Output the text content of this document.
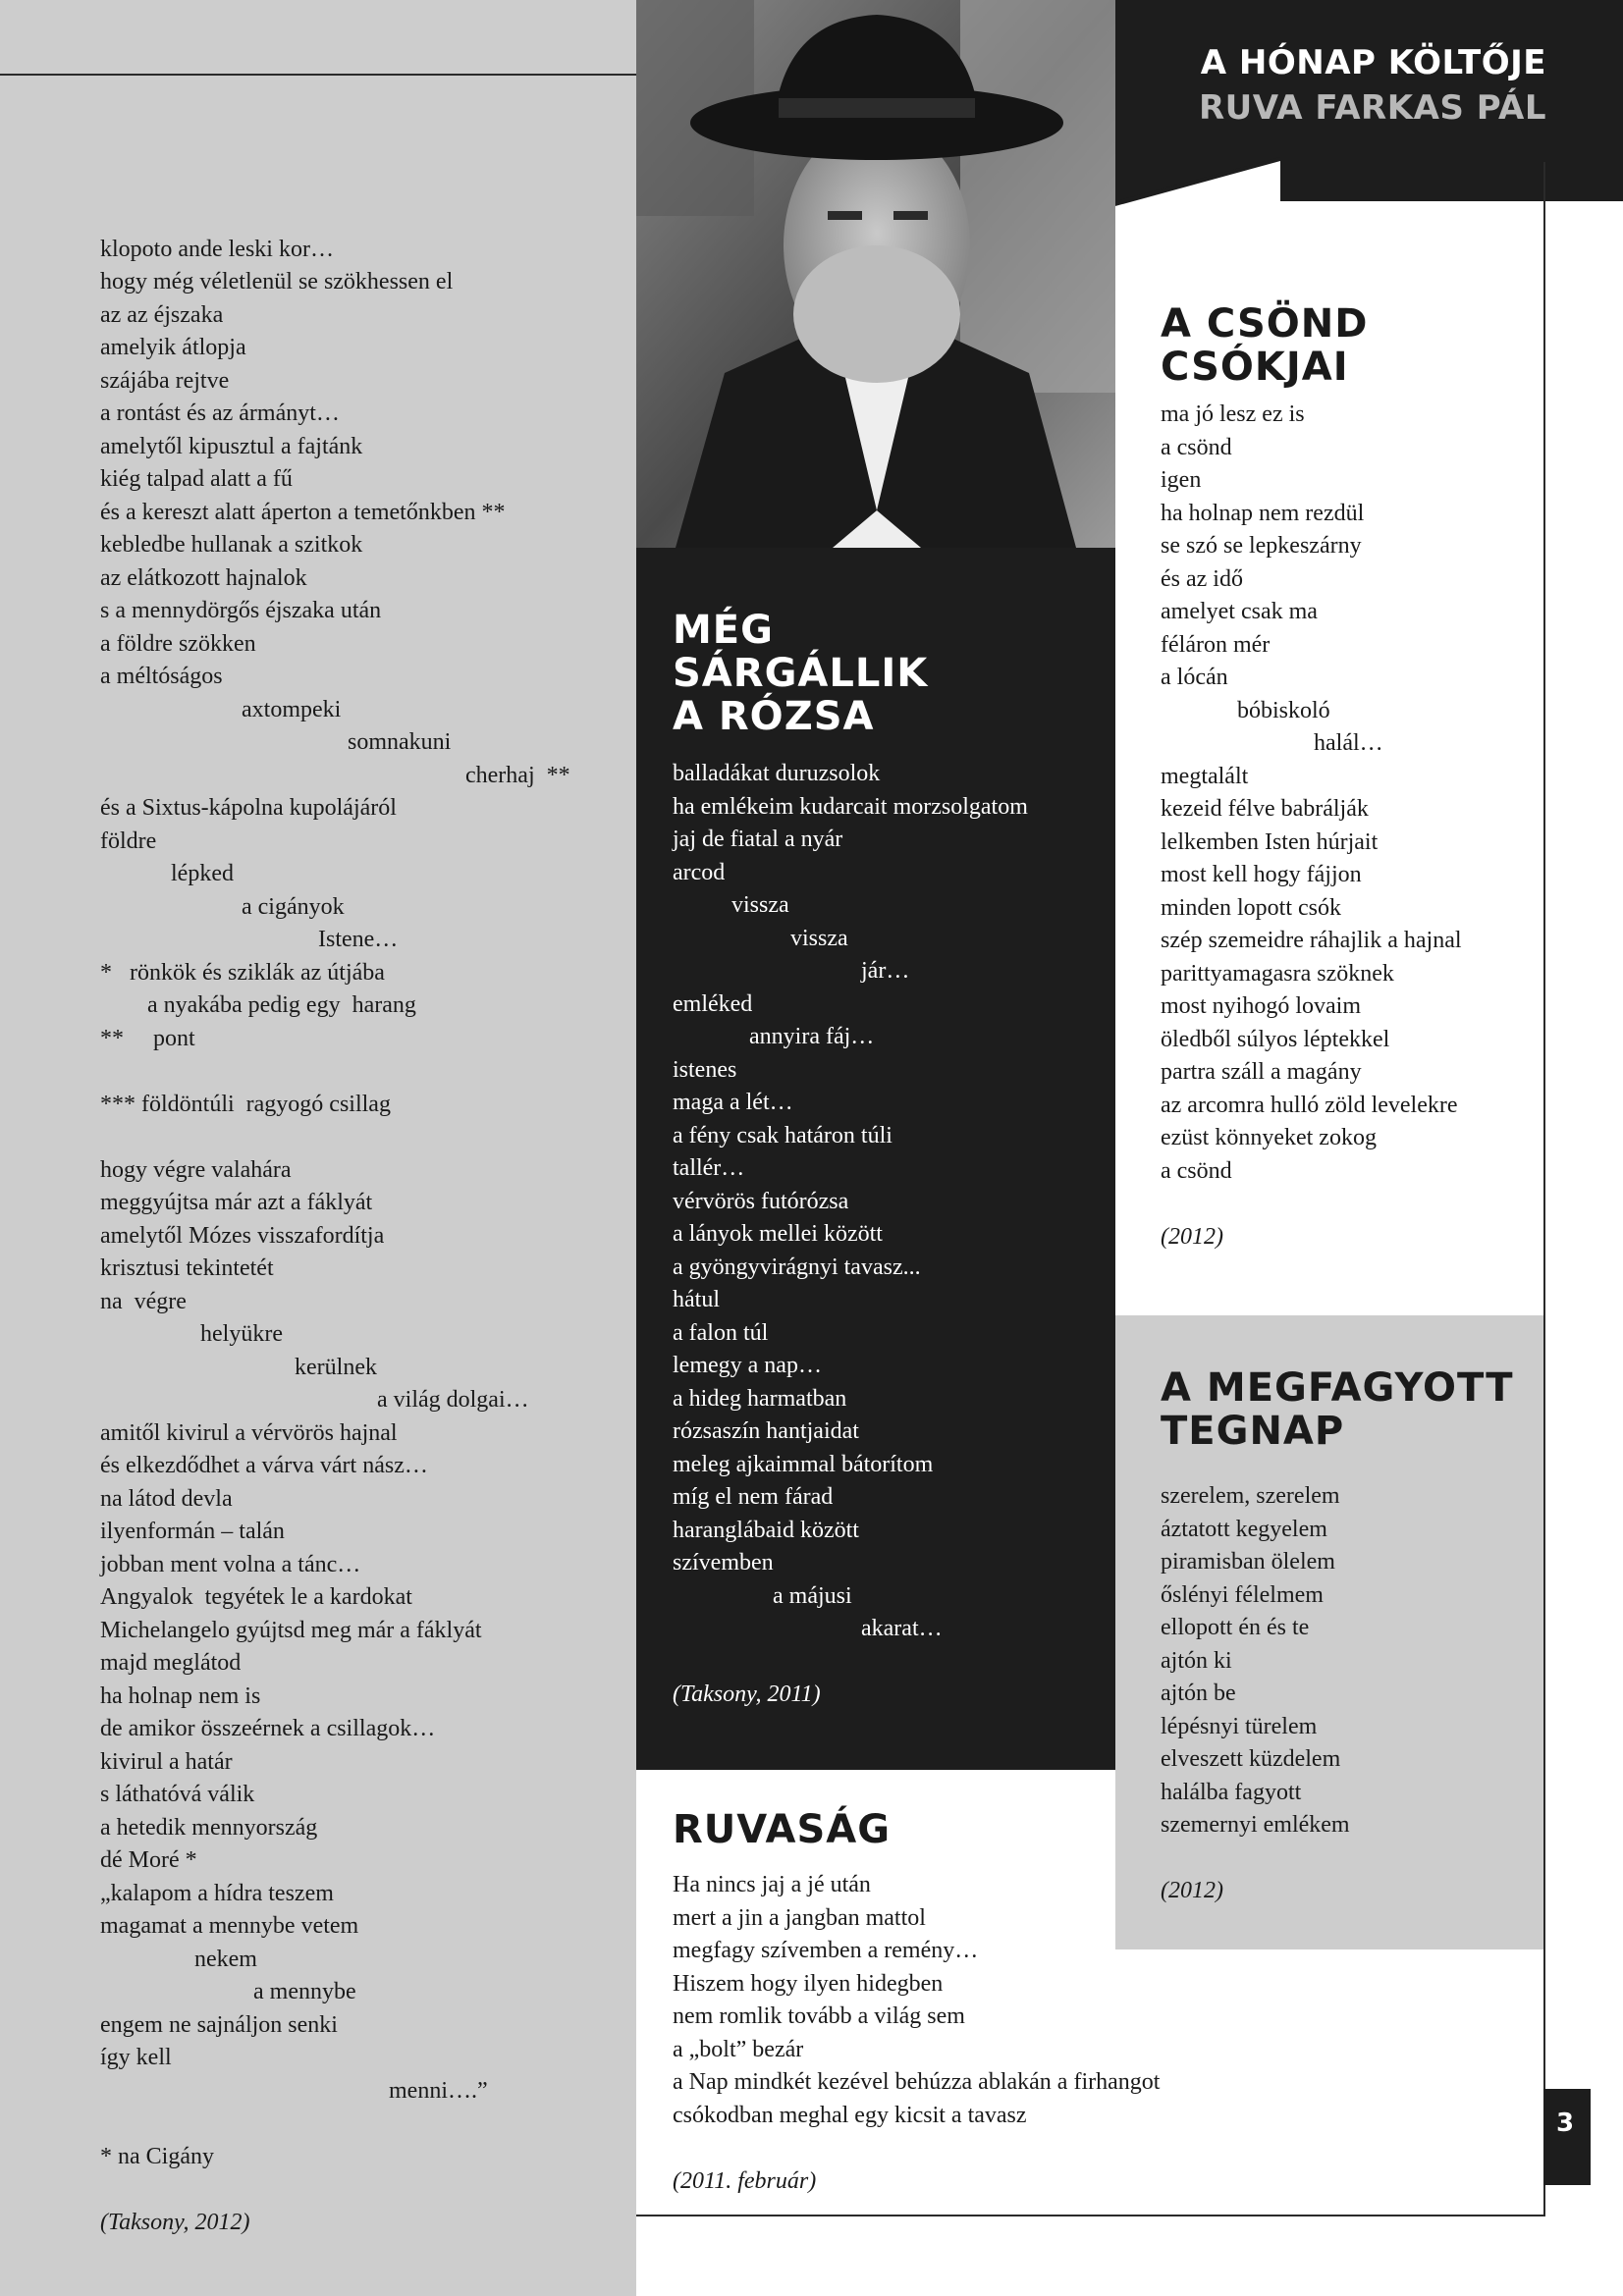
A HÓNAP KÖLTŐJE
RUVA FARKAS PÁL
3

klopoto ande leski kor…
hogy még véletlenül se szökhessen el
az az éjszaka
amelyik átlopja
szájába rejtve
a rontást és az ármányt…
amelytől kipusztul a fajtánk
kiég talpad alatt a fű
és a kereszt alatt áperton a temetőnkben **
kebledbe hullanak a szitkok
az elátkozott hajnalok
s a mennydörgős éjszaka után
a földre szökken
a méltóságos
axtompeki
somnakuni
cherhaj  **
és a Sixtus-kápolna kupolájáról
földre
lépked
a cigányok
Istene…
*   rönkök és sziklák az útjába
a nyakába pedig egy  harang
**     pont
*** földöntúli  ragyogó csillag
hogy végre valahára
meggyújtsa már azt a fáklyát
amelytől Mózes visszafordítja
krisztusi tekintetét
na  végre
helyükre
kerülnek
a világ dolgai…
amitől kivirul a vérvörös hajnal
és elkezdődhet a várva várt nász…
na látod devla
ilyenformán – talán
jobban ment volna a tánc…
Angyalok  tegyétek le a kardokat
Michelangelo gyújtsd meg már a fáklyát
majd meglátod
ha holnap nem is
de amikor összeérnek a csillagok…
kivirul a határ
s láthatóvá válik
a hetedik mennyország
dé Moré *
„kalapom a hídra teszem
magamat a mennybe vetem
nekem
a mennybe
engem ne sajnáljon senki
így kell
menni….”
* na Cigány
(Taksony, 2012)
MÉG
SÁRGÁLLIK
A RÓZSA
balladákat duruzsolok
ha emlékeim kudarcait morzsolgatom
jaj de fiatal a nyár
arcod
vissza
vissza
jár…
emléked
annyira fáj…
istenes
maga a lét…
a fény csak határon túli
tallér…
vérvörös futórózsa
a lányok mellei között
a gyöngyvirágnyi tavasz...
hátul
a falon túl
lemegy a nap…
a hideg harmatban
rózsaszín hantjaidat
meleg ajkaimmal bátorítom
míg el nem fárad
haranglábaid között
szívemben
a májusi
akarat…
(Taksony, 2011)
RUVASÁG
Ha nincs jaj a jé után
mert a jin a jangban mattol
megfagy szívemben a remény…
Hiszem hogy ilyen hidegben
nem romlik tovább a világ sem
a „bolt” bezár
a Nap mindkét kezével behúzza ablakán a firhangot
csókodban meghal egy kicsit a tavasz
(2011. február)
A CSÖND
CSÓKJAI
ma jó lesz ez is
a csönd
igen
ha holnap nem rezdül
se szó se lepkeszárny
és az idő
amelyet csak ma
féláron mér
a lócán
bóbiskoló
halál…
megtalált
kezeid félve babrálják
lelkemben Isten húrjait
most kell hogy fájjon
minden lopott csók
szép szemeidre ráhajlik a hajnal
parittyamagasra szöknek
most nyihogó lovaim
öledből súlyos léptekkel
partra száll a magány
az arcomra hulló zöld levelekre
ezüst könnyeket zokog
a csönd
(2012)
A MEGFAGYOTT
TEGNAP
szerelem, szerelem
áztatott kegyelem
piramisban ölelem
őslényi félelmem
ellopott én és te
ajtón ki
ajtón be
lépésnyi türelem
elveszett küzdelem
halálba fagyott
szemernyi emlékem
(2012)
